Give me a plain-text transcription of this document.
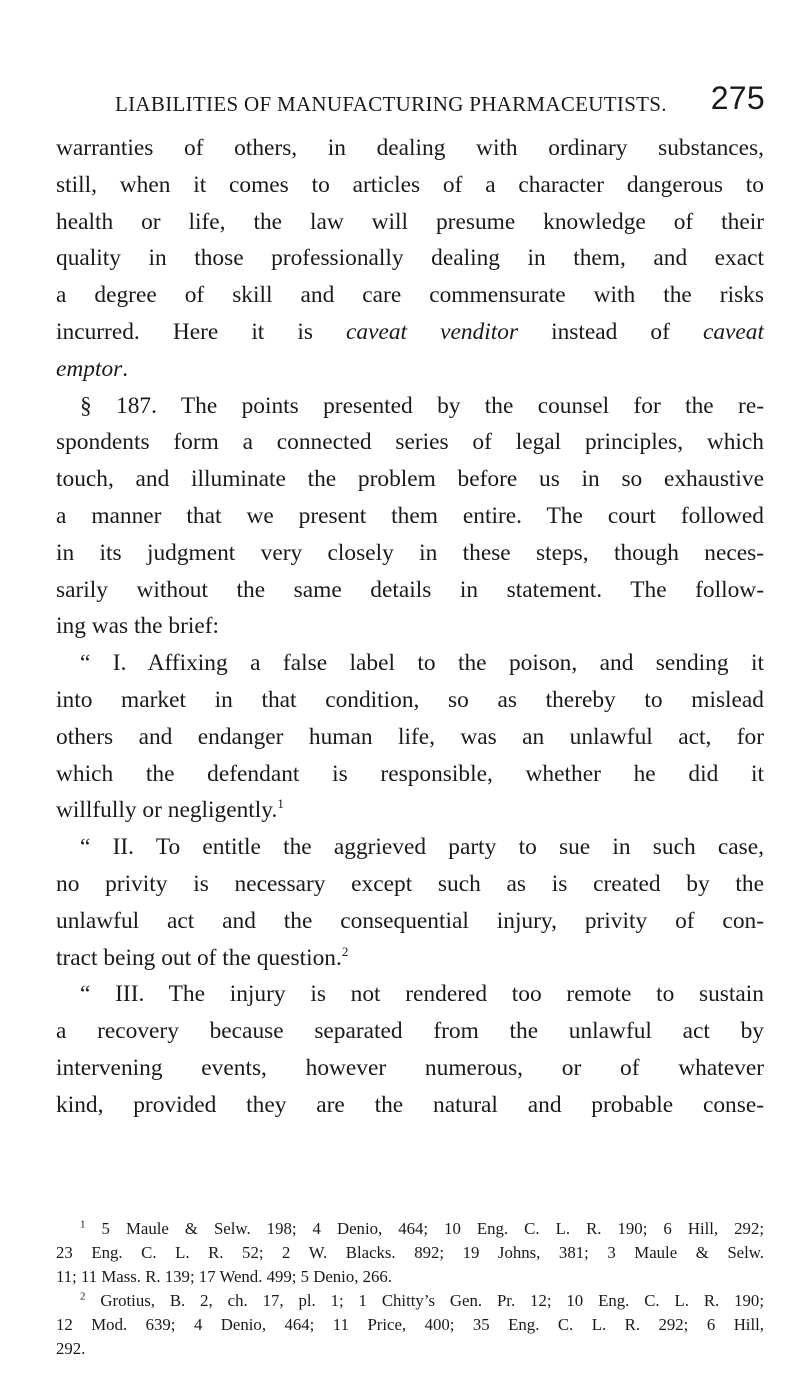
LIABILITIES OF MANUFACTURING PHARMACEUTISTS. 275
warranties of others, in dealing with ordinary substances,
still, when it comes to articles of a character dangerous to
health or life, the law will presume knowledge of their
quality in those professionally dealing in them, and exact
a degree of skill and care commensurate with the risks
incurred. Here it is caveat venditor instead of caveat
emptor.
§ 187. The points presented by the counsel for the re-
spondents form a connected series of legal principles, which
touch, and illuminate the problem before us in so exhaustive
a manner that we present them entire. The court followed
in its judgment very closely in these steps, though neces-
sarily without the same details in statement. The follow-
ing was the brief:
“ I. Affixing a false label to the poison, and sending it
into market in that condition, so as thereby to mislead
others and endanger human life, was an unlawful act, for
which the defendant is responsible, whether he did it
willfully or negligently.$^1$
“ II. To entitle the aggrieved party to sue in such case,
no privity is necessary except such as is created by the
unlawful act and the consequential injury, privity of con-
tract being out of the question.$^2$
“ III. The injury is not rendered too remote to sustain
a recovery because separated from the unlawful act by
intervening events, however numerous, or of whatever
kind, provided they are the natural and probable conse-
$^1$ 5 Maule & Selw. 198; 4 Denio, 464; 10 Eng. C. L. R. 190; 6 Hill, 292;
23 Eng. C. L. R. 52; 2 W. Blacks. 892; 19 Johns, 381; 3 Maule & Selw.
11; 11 Mass. R. 139; 17 Wend. 499; 5 Denio, 266.
$^2$ Grotius, B. 2, ch. 17, pl. 1; 1 Chitty’s Gen. Pr. 12; 10 Eng. C. L. R. 190;
12 Mod. 639; 4 Denio, 464; 11 Price, 400; 35 Eng. C. L. R. 292; 6 Hill,
292.
